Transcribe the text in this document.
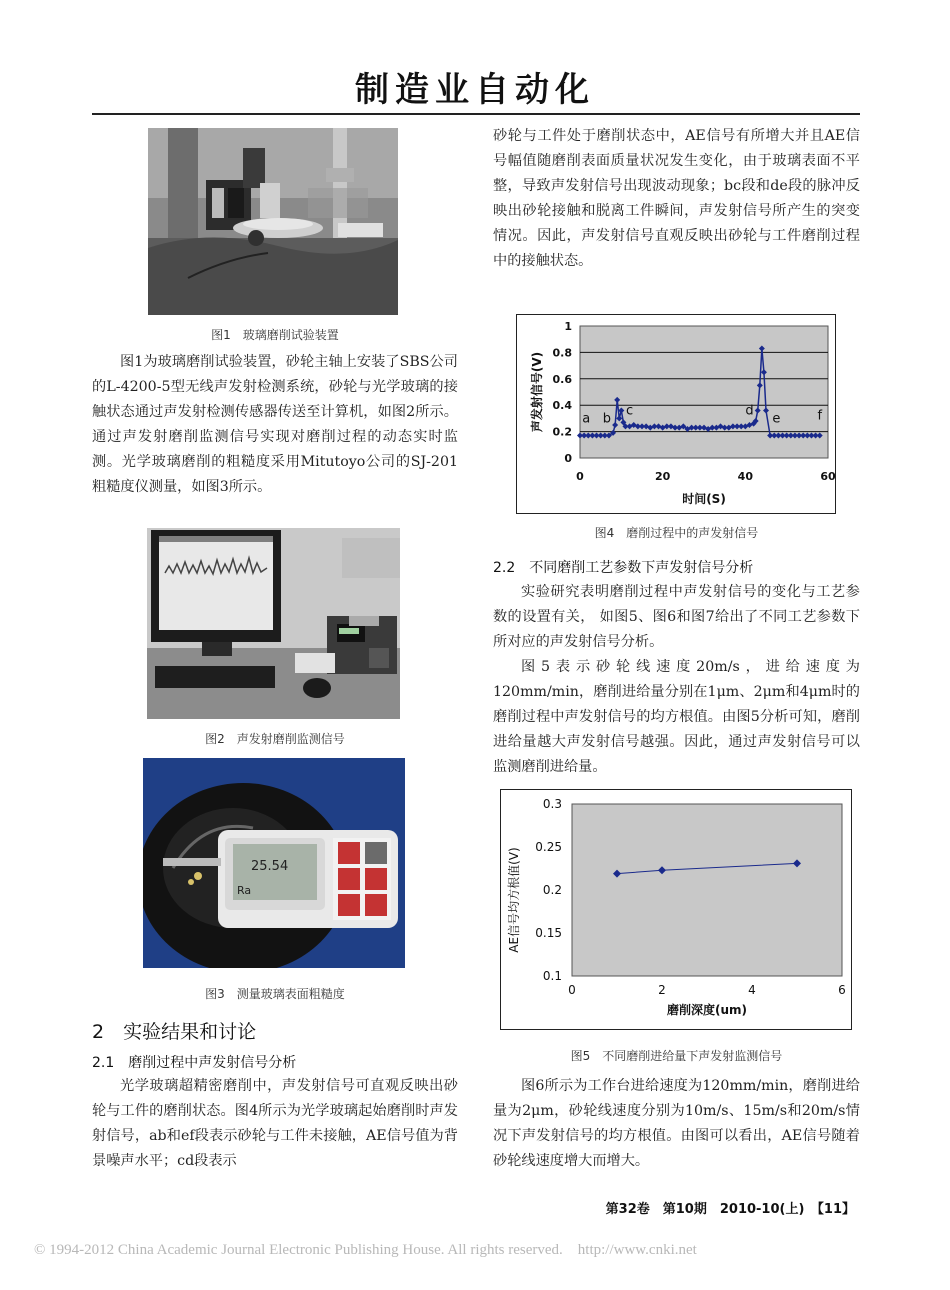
制造业自动化
图1　玻璃磨削试验装置

图1为玻璃磨削试验装置，砂轮主轴上安装了SBS公司的L-4200-5型无线声发射检测系统，砂轮与光学玻璃的接触状态通过声发射检测传感器传送至计算机，如图2所示。通过声发射磨削监测信号实现对磨削过程的动态实时监测。光学玻璃磨削的粗糙度采用Mitutoyo公司的SJ-201粗糙度仪测量，如图3所示。

图2　声发射磨削监测信号
25.54
Ra
图3　测量玻璃表面粗糙度
2　实验结果和讨论
2.1　磨削过程中声发射信号分析

光学玻璃超精密磨削中，声发射信号可直观反映出砂轮与工件的磨削状态。图4所示为光学玻璃起始磨削时声发射信号，ab和ef段表示砂轮与工件未接触，AE信号值为背景噪声水平；cd段表示

砂轮与工件处于磨削状态中，AE信号有所增大并且AE信号幅值随磨削表面质量状况发生变化，由于玻璃表面不平整，导致声发射信号出现波动现象；bc段和de段的脉冲反映出砂轮接触和脱离工件瞬间，声发射信号所产生的突变情况。因此，声发射信号直观反映出砂轮与工件磨削过程中的接触状态。

0
0.2
0.4
0.6
0.8
1
0	20	40	60
时间(S)
声发射信号(V)	a b
c	d
e	f
图4　磨削过程中的声发射信号
2.2　不同磨削工艺参数下声发射信号分析

实验研究表明磨削过程中声发射信号的变化与工艺参数的设置有关， 如图5、图6和图7给出了不同工艺参数下所对应的声发射信号分析。

图5表示砂轮线速度20m/s，进给速度为120mm/min，磨削进给量分别在1μm、2μm和4μm时的磨削过程中声发射信号的均方根值。由图5分析可知，磨削进给量越大声发射信号越强。因此，通过声发射信号可以监测磨削进给量。

0.1
0.15
0.2
0.25
0.3
0	2	4	6
磨削深度(um)
AE信号均方根值(V)
图5　不同磨削进给量下声发射监测信号

图6所示为工作台进给速度为120mm/min，磨削进给量为2μm，砂轮线速度分别为10m/s、15m/s和20m/s情况下声发射信号的均方根值。由图可以看出，AE信号随着砂轮线速度增大而增大。

第32卷　第10期　2010-10(上)　【11】
© 1994-2012 China Academic Journal Electronic Publishing House. All rights reserved.    http://www.cnki.net
